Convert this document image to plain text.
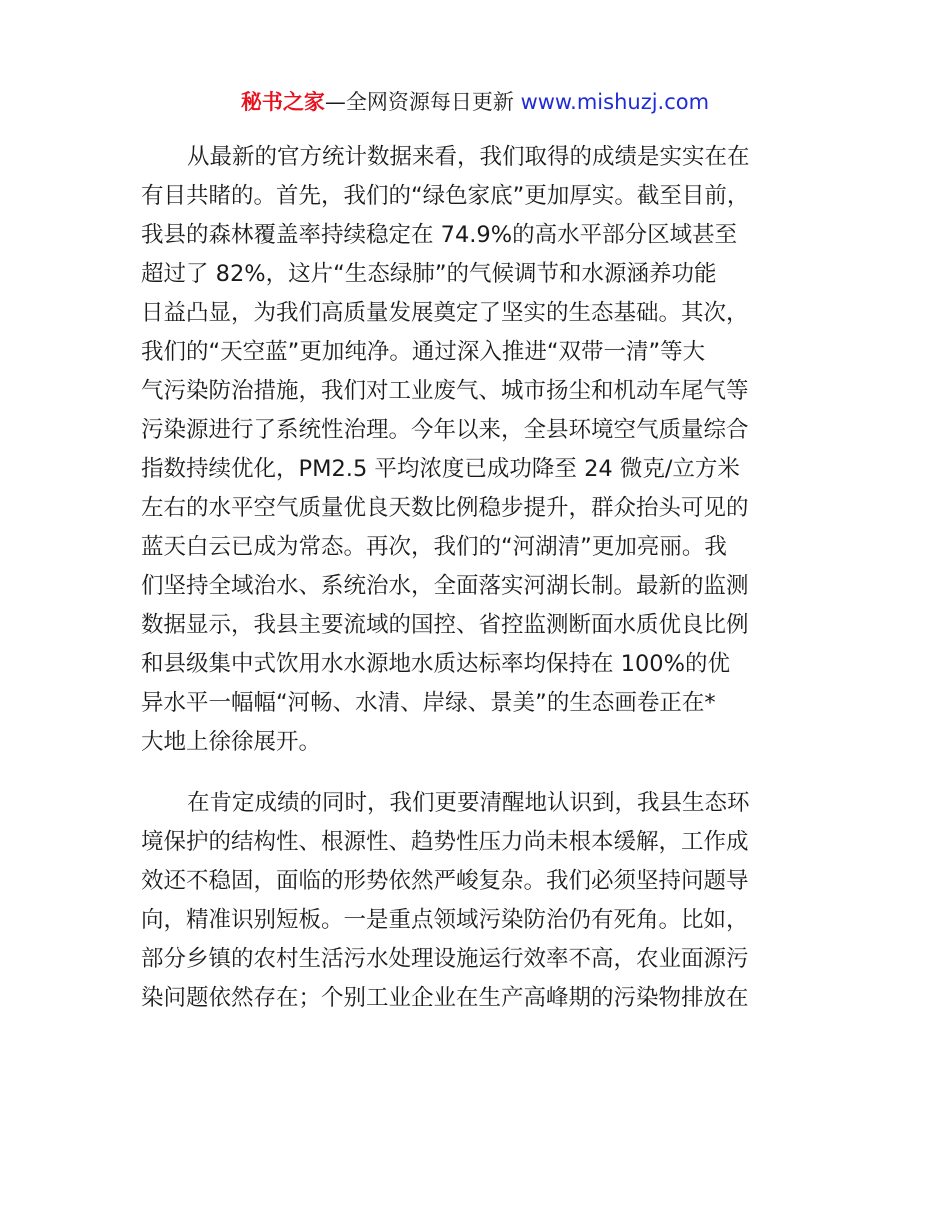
秘书之家—全网资源每日更新 www.mishuzj.com
从最新的官方统计数据来看，我们取得的成绩是实实在在
有目共睹的。首先，我们的“绿色家底”更加厚实。截至目前，
我县的森林覆盖率持续稳定在 74.9%的高水平部分区域甚至
超过了 82%，这片“生态绿肺”的气候调节和水源涵养功能
日益凸显，为我们高质量发展奠定了坚实的生态基础。其次，
我们的“天空蓝”更加纯净。通过深入推进“双带一清”等大
气污染防治措施，我们对工业废气、城市扬尘和机动车尾气等
污染源进行了系统性治理。今年以来，全县环境空气质量综合
指数持续优化，PM2.5 平均浓度已成功降至 24 微克/立方米
左右的水平空气质量优良天数比例稳步提升，群众抬头可见的
蓝天白云已成为常态。再次，我们的“河湖清”更加亮丽。我
们坚持全域治水、系统治水，全面落实河湖长制。最新的监测
数据显示，我县主要流域的国控、省控监测断面水质优良比例
和县级集中式饮用水水源地水质达标率均保持在 100%的优
异水平一幅幅“河畅、水清、岸绿、景美”的生态画卷正在*
大地上徐徐展开。
在肯定成绩的同时，我们更要清醒地认识到，我县生态环
境保护的结构性、根源性、趋势性压力尚未根本缓解，工作成
效还不稳固，面临的形势依然严峻复杂。我们必须坚持问题导
向，精准识别短板。一是重点领域污染防治仍有死角。比如，
部分乡镇的农村生活污水处理设施运行效率不高，农业面源污
染问题依然存在；个别工业企业在生产高峰期的污染物排放在
